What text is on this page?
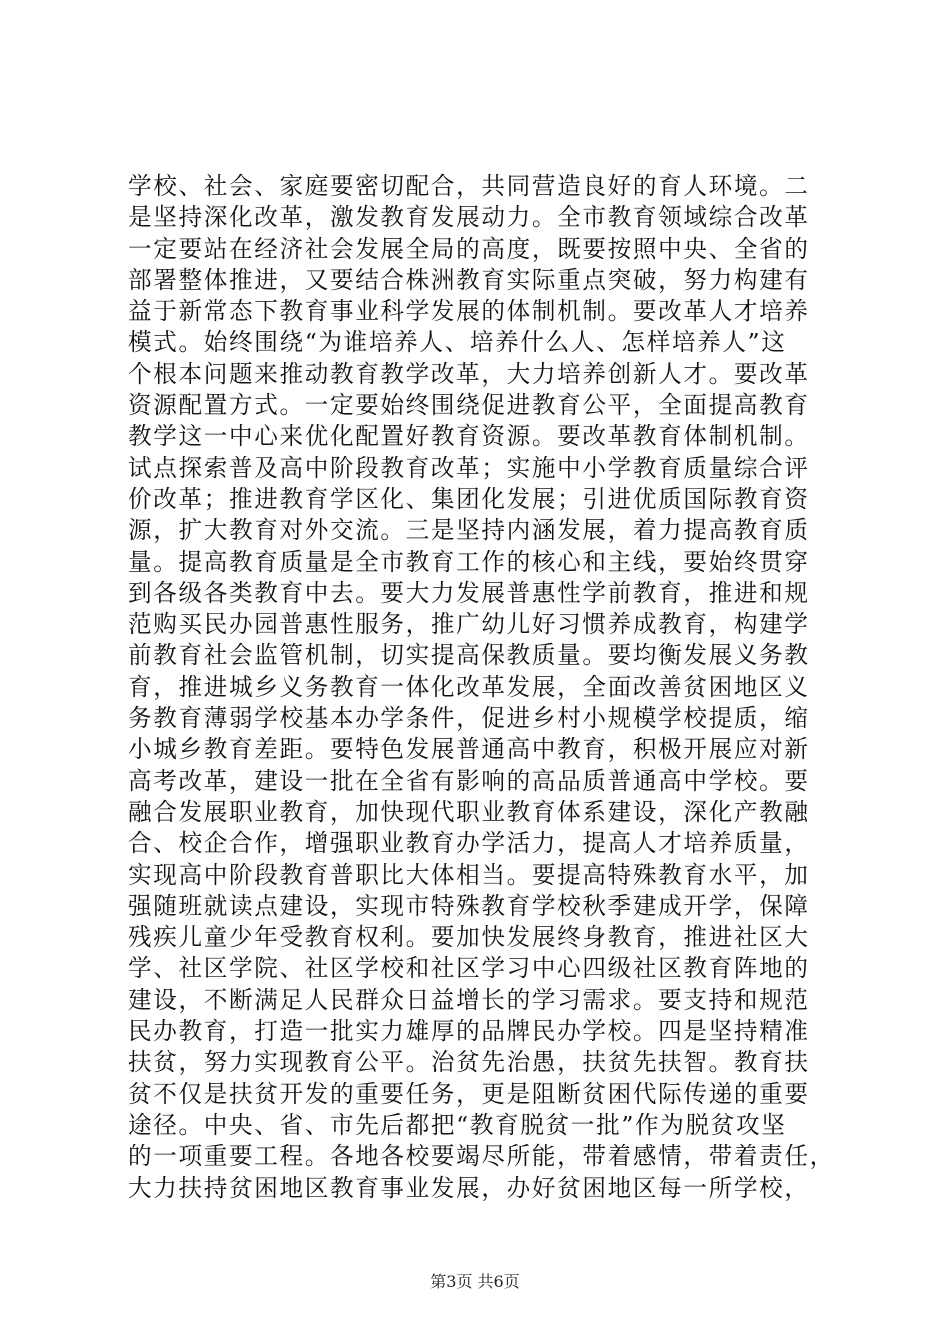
学校、社会、家庭要密切配合，共同营造良好的育人环境。二
是坚持深化改革，激发教育发展动力。全市教育领域综合改革
一定要站在经济社会发展全局的高度，既要按照中央、全省的
部署整体推进，又要结合株洲教育实际重点突破，努力构建有
益于新常态下教育事业科学发展的体制机制。要改革人才培养
模式。始终围绕“为谁培养人、培养什么人、怎样培养人”这
个根本问题来推动教育教学改革，大力培养创新人才。要改革
资源配置方式。一定要始终围绕促进教育公平，全面提高教育
教学这一中心来优化配置好教育资源。要改革教育体制机制。
试点探索普及高中阶段教育改革；实施中小学教育质量综合评
价改革；推进教育学区化、集团化发展；引进优质国际教育资
源，扩大教育对外交流。三是坚持内涵发展，着力提高教育质
量。提高教育质量是全市教育工作的核心和主线，要始终贯穿
到各级各类教育中去。要大力发展普惠性学前教育，推进和规
范购买民办园普惠性服务，推广幼儿好习惯养成教育，构建学
前教育社会监管机制，切实提高保教质量。要均衡发展义务教
育，推进城乡义务教育一体化改革发展，全面改善贫困地区义
务教育薄弱学校基本办学条件，促进乡村小规模学校提质，缩
小城乡教育差距。要特色发展普通高中教育，积极开展应对新
高考改革，建设一批在全省有影响的高品质普通高中学校。要
融合发展职业教育，加快现代职业教育体系建设，深化产教融
合、校企合作，增强职业教育办学活力，提高人才培养质量，
实现高中阶段教育普职比大体相当。要提高特殊教育水平，加
强随班就读点建设，实现市特殊教育学校秋季建成开学，保障
残疾儿童少年受教育权利。要加快发展终身教育，推进社区大
学、社区学院、社区学校和社区学习中心四级社区教育阵地的
建设，不断满足人民群众日益增长的学习需求。要支持和规范
民办教育，打造一批实力雄厚的品牌民办学校。四是坚持精准
扶贫，努力实现教育公平。治贫先治愚，扶贫先扶智。教育扶
贫不仅是扶贫开发的重要任务，更是阻断贫困代际传递的重要
途径。中央、省、市先后都把“教育脱贫一批”作为脱贫攻坚
的一项重要工程。各地各校要竭尽所能，带着感情，带着责任，
大力扶持贫困地区教育事业发展，办好贫困地区每一所学校，
第3页 共6页
